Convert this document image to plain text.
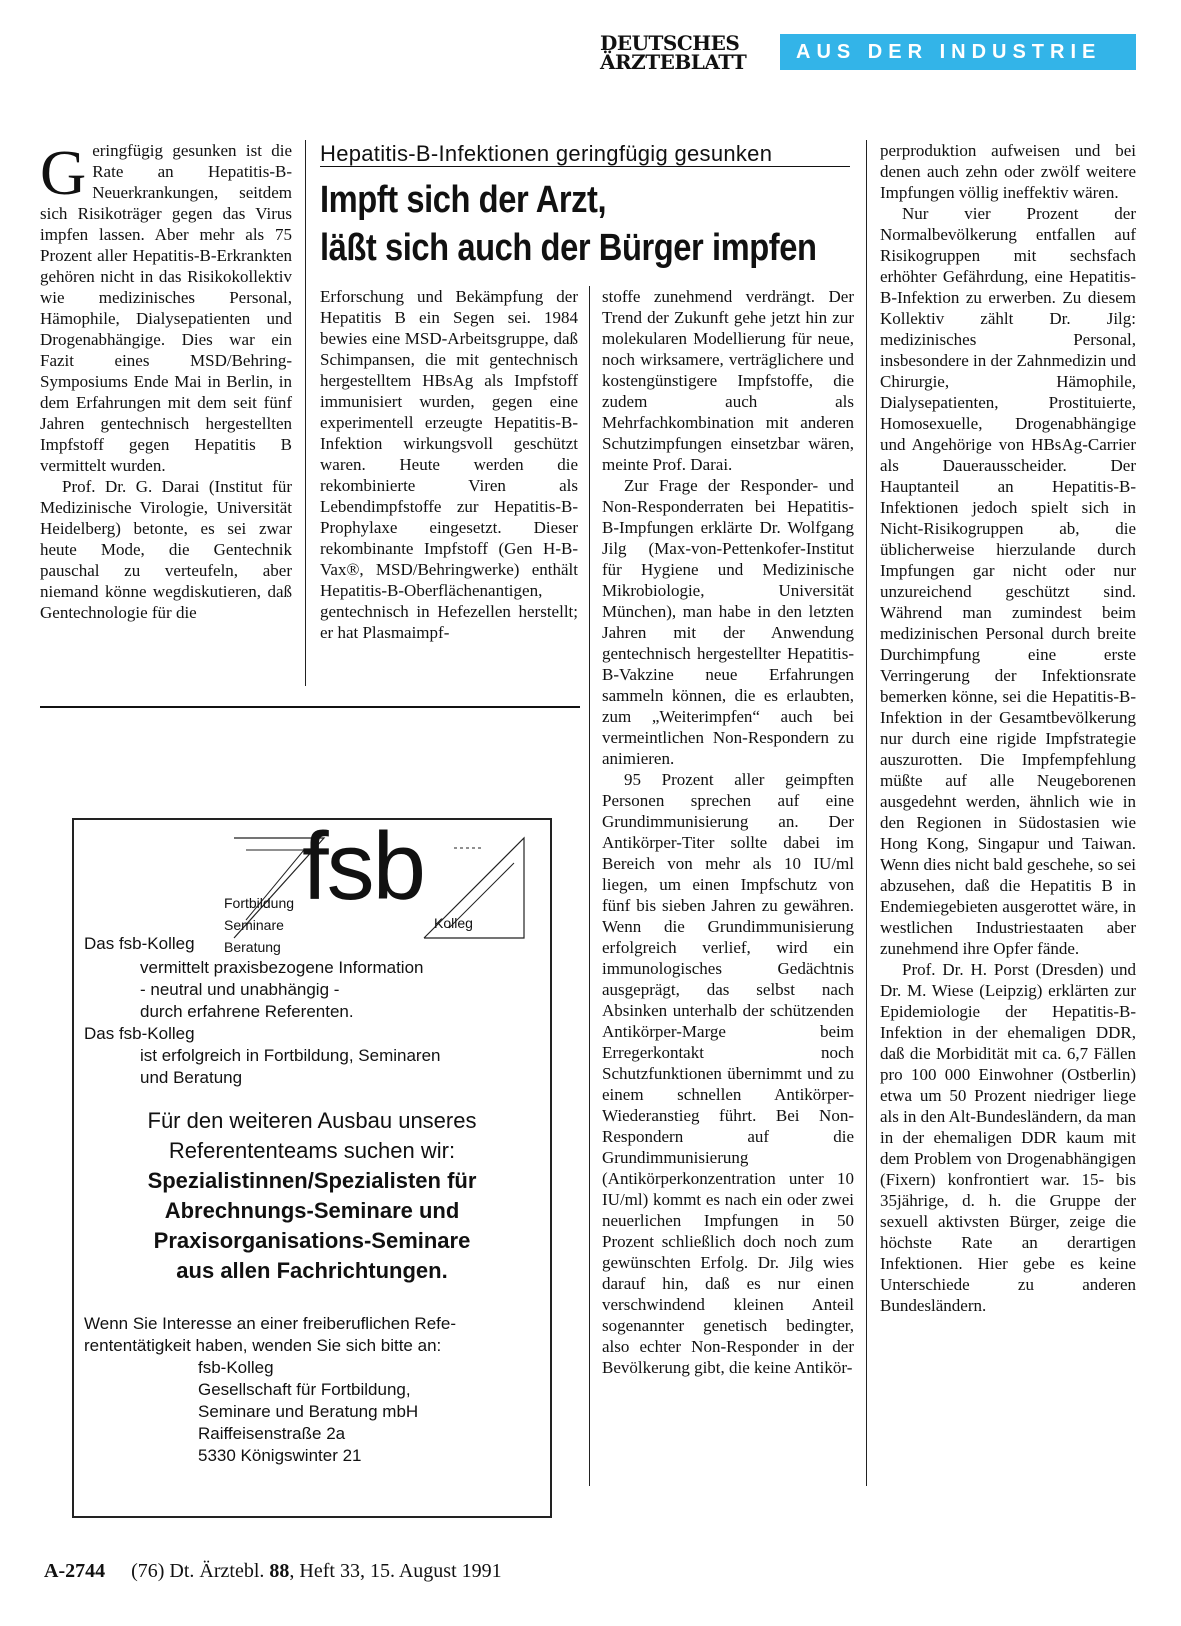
DEUTSCHES
ÄRZTEBLATT	AUS DER INDUSTRIE
G eringfügig gesunken ist die Rate an Hepatitis-B-Neuerkrankungen, seitdem sich Risikoträger gegen das Virus impfen lassen. Aber mehr als 75 Prozent aller Hepatitis-B-Erkrankten gehören nicht in das Risikokollektiv wie medizinisches Personal, Hämophile, Dialysepatienten und Drogenabhängige. Dies war ein Fazit eines MSD/Behring-Symposiums Ende Mai in Berlin, in dem Erfahrungen mit dem seit fünf Jahren gentechnisch hergestellten Impfstoff gegen Hepatitis B vermittelt wurden.

Prof. Dr. G. Darai (Institut für Medizinische Virologie, Universität Heidelberg) betonte, es sei zwar heute Mode, die Gentechnik pauschal zu verteufeln, aber niemand könne wegdiskutieren, daß Gentechnologie für die

Hepatitis-B-Infektionen geringfügig gesunken
Impft sich der Arzt,
läßt sich auch der Bürger impfen

Erforschung und Bekämpfung der Hepatitis B ein Segen sei. 1984 bewies eine MSD-Arbeitsgruppe, daß Schimpansen, die mit gentechnisch hergestelltem HBsAg als Impfstoff immunisiert wurden, gegen eine experimentell erzeugte Hepatitis-B-Infektion wirkungsvoll geschützt waren. Heute werden die rekombinierte Viren als Lebendimpfstoffe zur Hepatitis-B-Prophylaxe eingesetzt. Dieser rekombinante Impfstoff (Gen H-B-Vax®, MSD/Behringwerke) enthält Hepatitis-B-Oberflächenantigen, gentechnisch in Hefezellen herstellt; er hat Plasmaimpf-

stoffe zunehmend verdrängt. Der Trend der Zukunft gehe jetzt hin zur molekularen Modellierung für neue, noch wirksamere, verträglichere und kostengünstigere Impfstoffe, die zudem auch als Mehrfachkombination mit anderen Schutzimpfungen einsetzbar wären, meinte Prof. Darai.

Zur Frage der Responder- und Non-Responderraten bei Hepatitis-B-Impfungen erklärte Dr. Wolfgang Jilg (Max-von-Pettenkofer-Institut für Hygiene und Medizinische Mikrobiologie, Universität München), man habe in den letzten Jahren mit der Anwendung gentechnisch hergestellter Hepatitis-B-Vakzine neue Erfahrungen sammeln können, die es erlaubten, zum „Weiterimpfen“ auch bei vermeintlichen Non-Respondern zu animieren.

95 Prozent aller geimpften Personen sprechen auf eine Grundimmunisierung an. Der Antikörper-Titer sollte dabei im Bereich von mehr als 10 IU/ml liegen, um einen Impfschutz von fünf bis sieben Jahren zu gewähren. Wenn die Grundimmunisierung erfolgreich verlief, wird ein immunologisches Gedächtnis ausgeprägt, das selbst nach Absinken unterhalb der schützenden Antikörper-Marge beim Erregerkontakt noch Schutzfunktionen übernimmt und zu einem schnellen Antikörper-Wiederanstieg führt. Bei Non-Respondern auf die Grundimmunisierung (Antikörperkonzentration unter 10 IU/ml) kommt es nach ein oder zwei neuerlichen Impfungen in 50 Prozent schließlich doch noch zum gewünschten Erfolg. Dr. Jilg wies darauf hin, daß es nur einen verschwindend kleinen Anteil sogenannter genetisch bedingter, also echter Non-Responder in der Bevölkerung gibt, die keine Antikör-

perproduktion aufweisen und bei denen auch zehn oder zwölf weitere Impfungen völlig ineffektiv wären.

Nur vier Prozent der Normalbevölkerung entfallen auf Risikogruppen mit sechsfach erhöhter Gefährdung, eine Hepatitis-B-Infektion zu erwerben. Zu diesem Kollektiv zählt Dr. Jilg: medizinisches Personal, insbesondere in der Zahnmedizin und Chirurgie, Hämophile, Dialysepatienten, Prostituierte, Homosexuelle, Drogenabhängige und Angehörige von HBsAg-Carrier als Dauerausscheider. Der Hauptanteil an Hepatitis-B-Infektionen jedoch spielt sich in Nicht-Risikogruppen ab, die üblicherweise hierzulande durch Impfungen gar nicht oder nur unzureichend geschützt sind. Während man zumindest beim medizinischen Personal durch breite Durchimpfung eine erste Verringerung der Infektionsrate bemerken könne, sei die Hepatitis-B-Infektion in der Gesamtbevölkerung nur durch eine rigide Impfstrategie auszurotten. Die Impfempfehlung müßte auf alle Neugeborenen ausgedehnt werden, ähnlich wie in den Regionen in Südostasien wie Hong Kong, Singapur und Taiwan. Wenn dies nicht bald geschehe, so sei abzusehen, daß die Hepatitis B in Endemiegebieten ausgerottet wäre, in westlichen Industriestaaten aber zunehmend ihre Opfer fände.

Prof. Dr. H. Porst (Dresden) und Dr. M. Wiese (Leipzig) erklärten zur Epidemiologie der Hepatitis-B-Infektion in der ehemaligen DDR, daß die Morbidität mit ca. 6,7 Fällen pro 100 000 Einwohner (Ostberlin) etwa um 50 Prozent niedriger liege als in den Alt-Bundesländern, da man in der ehemaligen DDR kaum mit dem Problem von Drogenabhängigen (Fixern) konfrontiert war. 15- bis 35jährige, d. h. die Gruppe der sexuell aktivsten Bürger, zeige die höchste Rate an derartigen Infektionen. Hier gebe es keine Unterschiede zu anderen Bundesländern.

fsb
Fortbildung
Seminare
Beratung
Kolleg
Das fsb-Kolleg
vermittelt praxisbezogene Information
- neutral und unabhängig -
durch erfahrene Referenten.
Das fsb-Kolleg
ist erfolgreich in Fortbildung, Seminaren
und Beratung
Für den weiteren Ausbau unseres
Referententeams suchen wir:
Spezialistinnen/Spezialisten für
Abrechnungs-Seminare und
Praxisorganisations-Seminare
aus allen Fachrichtungen.
Wenn Sie Interesse an einer freiberuflichen Refe-
rententätigkeit haben, wenden Sie sich bitte an:
fsb-Kolleg
Gesellschaft für Fortbildung,
Seminare und Beratung mbH
Raiffeisenstraße 2a
5330 Königswinter 21
A-2744 (76) Dt. Ärztebl. 88, Heft 33, 15. August 1991
